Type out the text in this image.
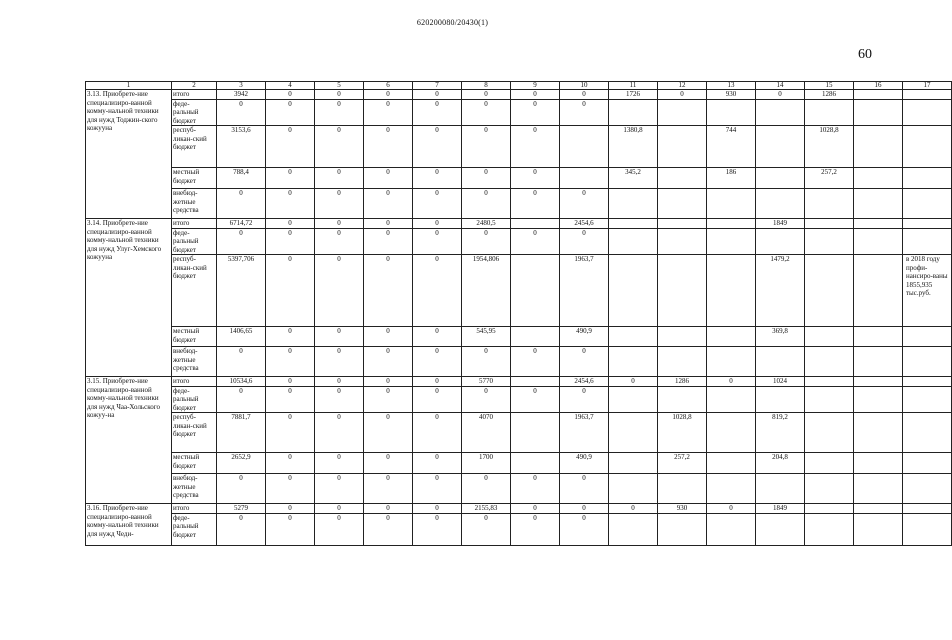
620200080/20430(1)
60
1	2	3	4	5	6	7	8	9	10	11	12	13	14	15	16	17
3.13. Приобрете-ние специализиро-ванной комму-нальной техники для нужд Тоджин-ского кожууна	итого	3942	0	0	0	0	0	0	0	1726	0	930	0	1286		
	феде-ральный бюджет	0	0	0	0	0	0	0	0							
	респуб-ликан-ский бюджет	3153,6	0	0	0	0	0	0		1380,8		744		1028,8		
	местный бюджет	788,4	0	0	0	0	0	0		345,2		186		257,2		
	внебюд-жетные средства	0	0	0	0	0	0	0	0							
3.14. Приобрете-ние специализиро-ванной комму-нальной техники для нужд Улуг-Хемского кожууна	итого	6714,72	0	0	0	0	2480,5		2454,6				1849			
	феде-ральный бюджет	0	0	0	0	0	0	0	0							
	респуб-ликан-ский бюджет	5397,706	0	0	0	0	1954,806		1963,7				1479,2			в 2018 году профи-нансиро-ваны 1855,935 тыс.руб.
	местный бюджет	1406,65	0	0	0	0	545,95		490,9				369,8			
	внебюд-жетные средства	0	0	0	0	0	0	0	0							
3.15. Приобрете-ние специализиро-ванной комму-нальной техники для нужд Чаа-Хольского кожуу-на	итого	10534,6	0	0	0	0	5770		2454,6	0	1286	0	1024			
	феде-ральный бюджет	0	0	0	0	0	0	0	0							
	респуб-ликан-ский бюджет	7881,7	0	0	0	0	4070		1963,7		1028,8		819,2			
	местный бюджет	2652,9	0	0	0	0	1700		490,9		257,2		204,8			
	внебюд-жетные средства	0	0	0	0	0	0	0	0							
3.16. Приобрете-ние специализиро-ванной комму-нальной техники для нужд Чеди-	итого	5279	0	0	0	0	2155,83	0	0	0	930	0	1849			
	феде-ральный бюджет	0	0	0	0	0	0	0	0							
